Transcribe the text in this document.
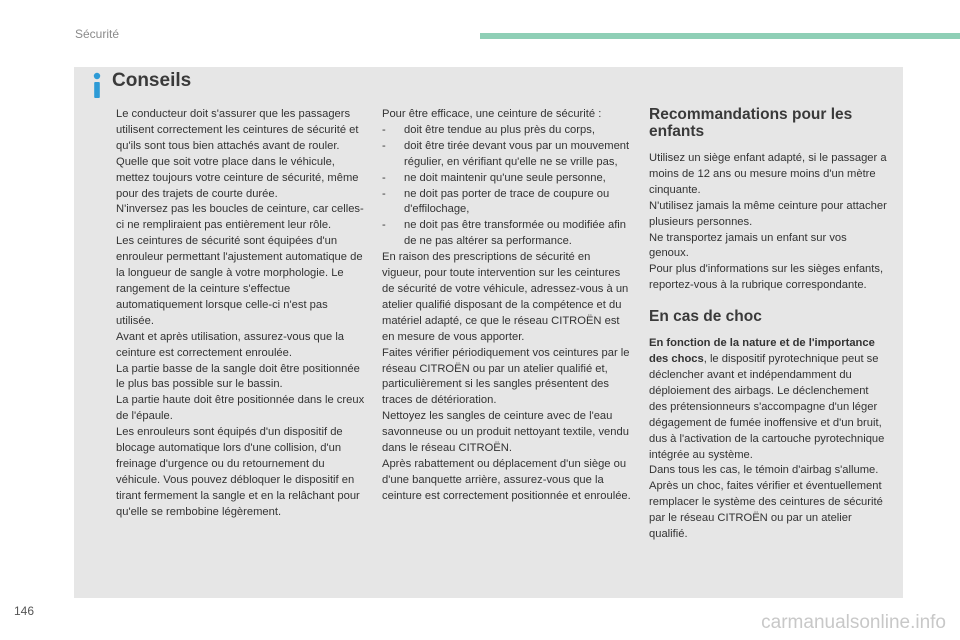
Sécurité
Conseils

Le conducteur doit s'assurer que les passagers utilisent correctement les ceintures de sécurité et qu'ils sont tous bien attachés avant de rouler.

Quelle que soit votre place dans le véhicule, mettez toujours votre ceinture de sécurité, même pour des trajets de courte durée.

N'inversez pas les boucles de ceinture, car celles-ci ne rempliraient pas entièrement leur rôle.

Les ceintures de sécurité sont équipées d'un enrouleur permettant l'ajustement automatique de la longueur de sangle à votre morphologie. Le rangement de la ceinture s'effectue automatiquement lorsque celle-ci n'est pas utilisée.

Avant et après utilisation, assurez-vous que la ceinture est correctement enroulée.

La partie basse de la sangle doit être positionnée le plus bas possible sur le bassin.

La partie haute doit être positionnée dans le creux de l'épaule.

Les enrouleurs sont équipés d'un dispositif de blocage automatique lors d'une collision, d'un freinage d'urgence ou du retournement du véhicule. Vous pouvez débloquer le dispositif en tirant fermement la sangle et en la relâchant pour qu'elle se rembobine légèrement.

Pour être efficace, une ceinture de sécurité :

-	doit être tendue au plus près du corps,
-	doit être tirée devant vous par un mouvement régulier, en vérifiant qu'elle ne se vrille pas,
-	ne doit maintenir qu'une seule personne,
-	ne doit pas porter de trace de coupure ou d'effilochage,
-	ne doit pas être transformée ou modifiée afin de ne pas altérer sa performance.

En raison des prescriptions de sécurité en vigueur, pour toute intervention sur les ceintures de sécurité de votre véhicule, adressez-vous à un atelier qualifié disposant de la compétence et du matériel adapté, ce que le réseau CITROËN est en mesure de vous apporter.

Faites vérifier périodiquement vos ceintures par le réseau CITROËN ou par un atelier qualifié et, particulièrement si les sangles présentent des traces de détérioration.

Nettoyez les sangles de ceinture avec de l'eau savonneuse ou un produit nettoyant textile, vendu dans le réseau CITROËN.

Après rabattement ou déplacement d'un siège ou d'une banquette arrière, assurez-vous que la ceinture est correctement positionnée et enroulée.

Recommandations pour les enfants

Utilisez un siège enfant adapté, si le passager a moins de 12 ans ou mesure moins d'un mètre cinquante.

N'utilisez jamais la même ceinture pour attacher plusieurs personnes.

Ne transportez jamais un enfant sur vos genoux.

Pour plus d'informations sur les sièges enfants, reportez-vous à la rubrique correspondante.

En cas de choc

En fonction de la nature et de l'importance des chocs, le dispositif pyrotechnique peut se déclencher avant et indépendamment du déploiement des airbags. Le déclenchement des prétensionneurs s'accompagne d'un léger dégagement de fumée inoffensive et d'un bruit, dus à l'activation de la cartouche pyrotechnique intégrée au système.

Dans tous les cas, le témoin d'airbag s'allume.

Après un choc, faites vérifier et éventuellement remplacer le système des ceintures de sécurité par le réseau CITROËN ou par un atelier qualifié.

146
carmanualsonline.info
